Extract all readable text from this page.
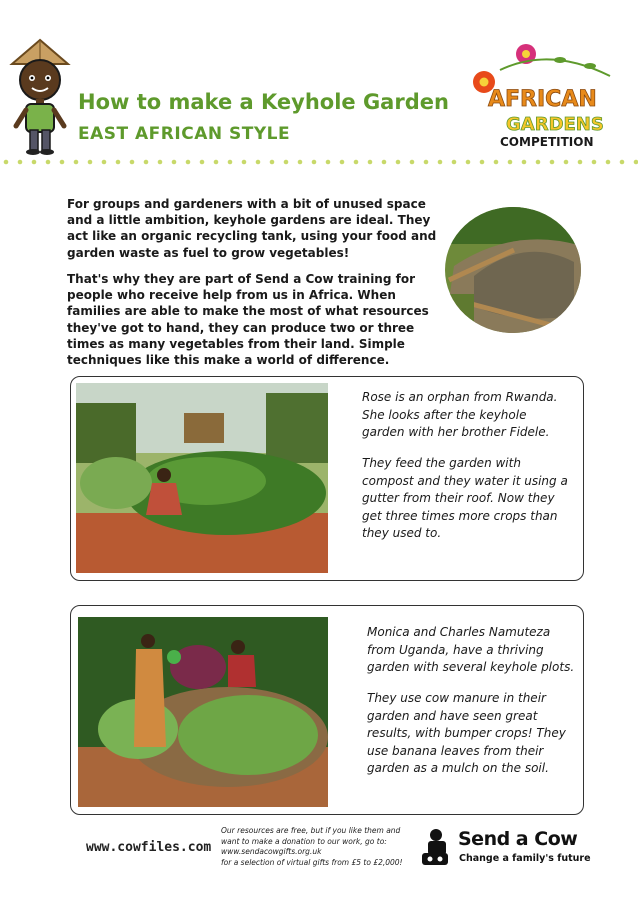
How to make a Keyhole Garden
EAST AFRICAN STYLE
AFRICAN
GARDENS
COMPETITION

For groups and gardeners with a bit of unused space and a little ambition, keyhole gardens are ideal. They act like an organic recycling tank, using your food and garden waste as fuel to grow vegetables!

That's why they are part of Send a Cow training for people who receive help from us in Africa. When families are able to make the most of what resources they've got to hand, they can produce two or three times as many vegetables from their land. Simple techniques like this make a world of difference.

Rose is an orphan from Rwanda. She looks after the keyhole garden with her brother Fidele.
They feed the garden with compost and they water it using a gutter from their roof. Now they get three times more crops than they used to.
Monica and Charles Namuteza from Uganda, have a thriving garden with several keyhole plots.
They use cow manure in their garden and have seen great results, with bumper crops! They use banana leaves from their garden as a mulch on the soil.
www.cowfiles.com
Our resources are free, but if you like them and
want to make a donation to our work, go to:
www.sendacowgifts.org.uk
for a selection of virtual gifts from £5 to £2,000!
Send a Cow
Change a family's future
